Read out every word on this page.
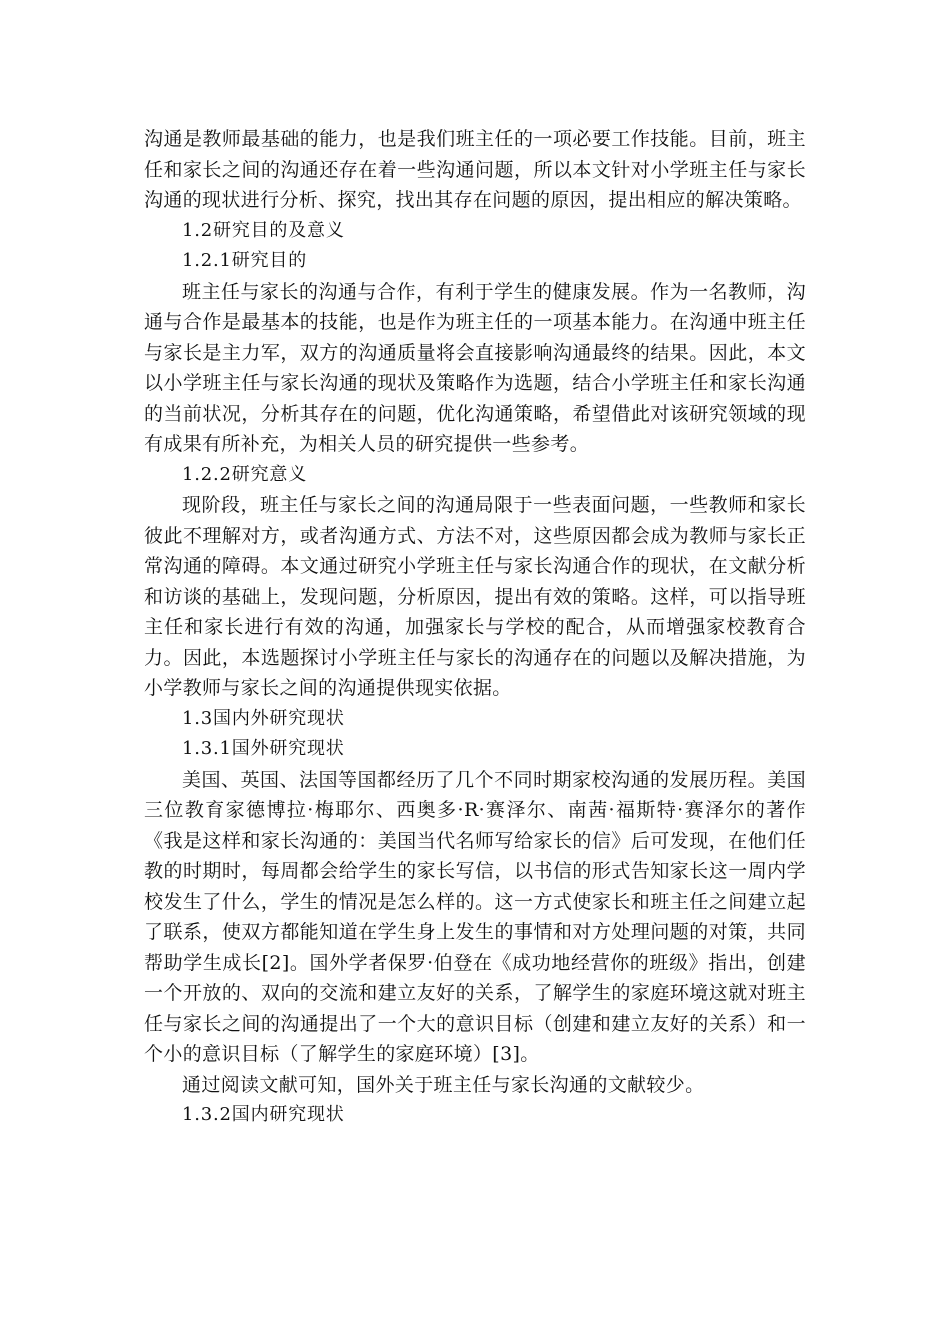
沟通是教师最基础的能力，也是我们班主任的一项必要工作技能。目前，班主任和家长之间的沟通还存在着一些沟通问题，所以本文针对小学班主任与家长沟通的现状进行分析、探究，找出其存在问题的原因，提出相应的解决策略。

1.2研究目的及意义

1.2.1研究目的

班主任与家长的沟通与合作，有利于学生的健康发展。作为一名教师，沟通与合作是最基本的技能，也是作为班主任的一项基本能力。在沟通中班主任与家长是主力军，双方的沟通质量将会直接影响沟通最终的结果。因此，本文以小学班主任与家长沟通的现状及策略作为选题，结合小学班主任和家长沟通的当前状况，分析其存在的问题，优化沟通策略，希望借此对该研究领域的现有成果有所补充，为相关人员的研究提供一些参考。

1.2.2研究意义

现阶段，班主任与家长之间的沟通局限于一些表面问题，一些教师和家长彼此不理解对方，或者沟通方式、方法不对，这些原因都会成为教师与家长正常沟通的障碍。本文通过研究小学班主任与家长沟通合作的现状，在文献分析和访谈的基础上，发现问题，分析原因，提出有效的策略。这样，可以指导班主任和家长进行有效的沟通，加强家长与学校的配合，从而增强家校教育合力。因此，本选题探讨小学班主任与家长的沟通存在的问题以及解决措施，为小学教师与家长之间的沟通提供现实依据。

1.3国内外研究现状

1.3.1国外研究现状

美国、英国、法国等国都经历了几个不同时期家校沟通的发展历程。美国三位教育家德博拉·梅耶尔、西奥多·R·赛泽尔、南茜·福斯特·赛泽尔的著作《我是这样和家长沟通的：美国当代名师写给家长的信》后可发现，在他们任教的时期时，每周都会给学生的家长写信，以书信的形式告知家长这一周内学校发生了什么，学生的情况是怎么样的。这一方式使家长和班主任之间建立起了联系，使双方都能知道在学生身上发生的事情和对方处理问题的对策，共同帮助学生成长[2]。国外学者保罗·伯登在《成功地经营你的班级》指出，创建一个开放的、双向的交流和建立友好的关系，了解学生的家庭环境这就对班主任与家长之间的沟通提出了一个大的意识目标（创建和建立友好的关系）和一个小的意识目标（了解学生的家庭环境）[3]。

通过阅读文献可知，国外关于班主任与家长沟通的文献较少。

1.3.2国内研究现状
